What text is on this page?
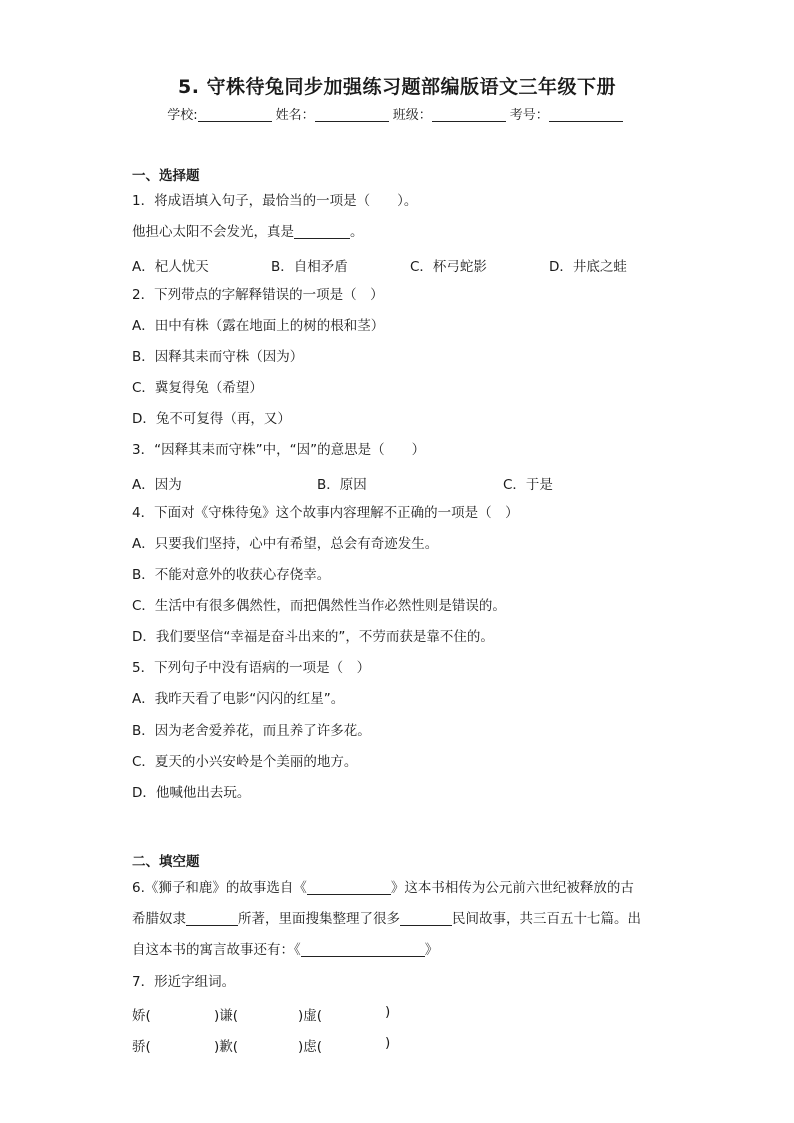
5. 守株待兔同步加强练习题部编版语文三年级下册
学校:	姓名：	班级：	考号：
一、选择题
1．将成语填入句子，最恰当的一项是（　　）。
他担心太阳不会发光，真是	。
A．杞人忧天	B．自相矛盾	C．杯弓蛇影	D．井底之蛙
2．下列带点的字解释错误的一项是（　）
A．田中有株（露在地面上的树的根和茎）
B．因释其耒而守株（因为）
C．冀复得兔（希望）
D．兔不可复得（再，又）
3．“因释其耒而守株”中，“因”的意思是（　　）
A．因为	B．原因	C．于是
4．下面对《守株待兔》这个故事内容理解不正确的一项是（　）
A．只要我们坚持，心中有希望，总会有奇迹发生。
B．不能对意外的收获心存侥幸。
C．生活中有很多偶然性，而把偶然性当作必然性则是错误的。
D．我们要坚信“幸福是奋斗出来的”，不劳而获是靠不住的。
5．下列句子中没有语病的一项是（　）
A．我昨天看了电影“闪闪的红星”。
B．因为老舍爱养花，而且养了许多花。
C．夏天的小兴安岭是个美丽的地方。
D．他喊他出去玩。
二、填空题
6.《狮子和鹿》的故事选自《	》这本书相传为公元前六世纪被释放的古
希腊奴隶	所著，里面搜集整理了很多	民间故事，共三百五十七篇。出
自这本书的寓言故事还有：《	》
7．形近字组词。
娇(	)谦(	)虚(	)
骄(	)歉(	)虑(	)
